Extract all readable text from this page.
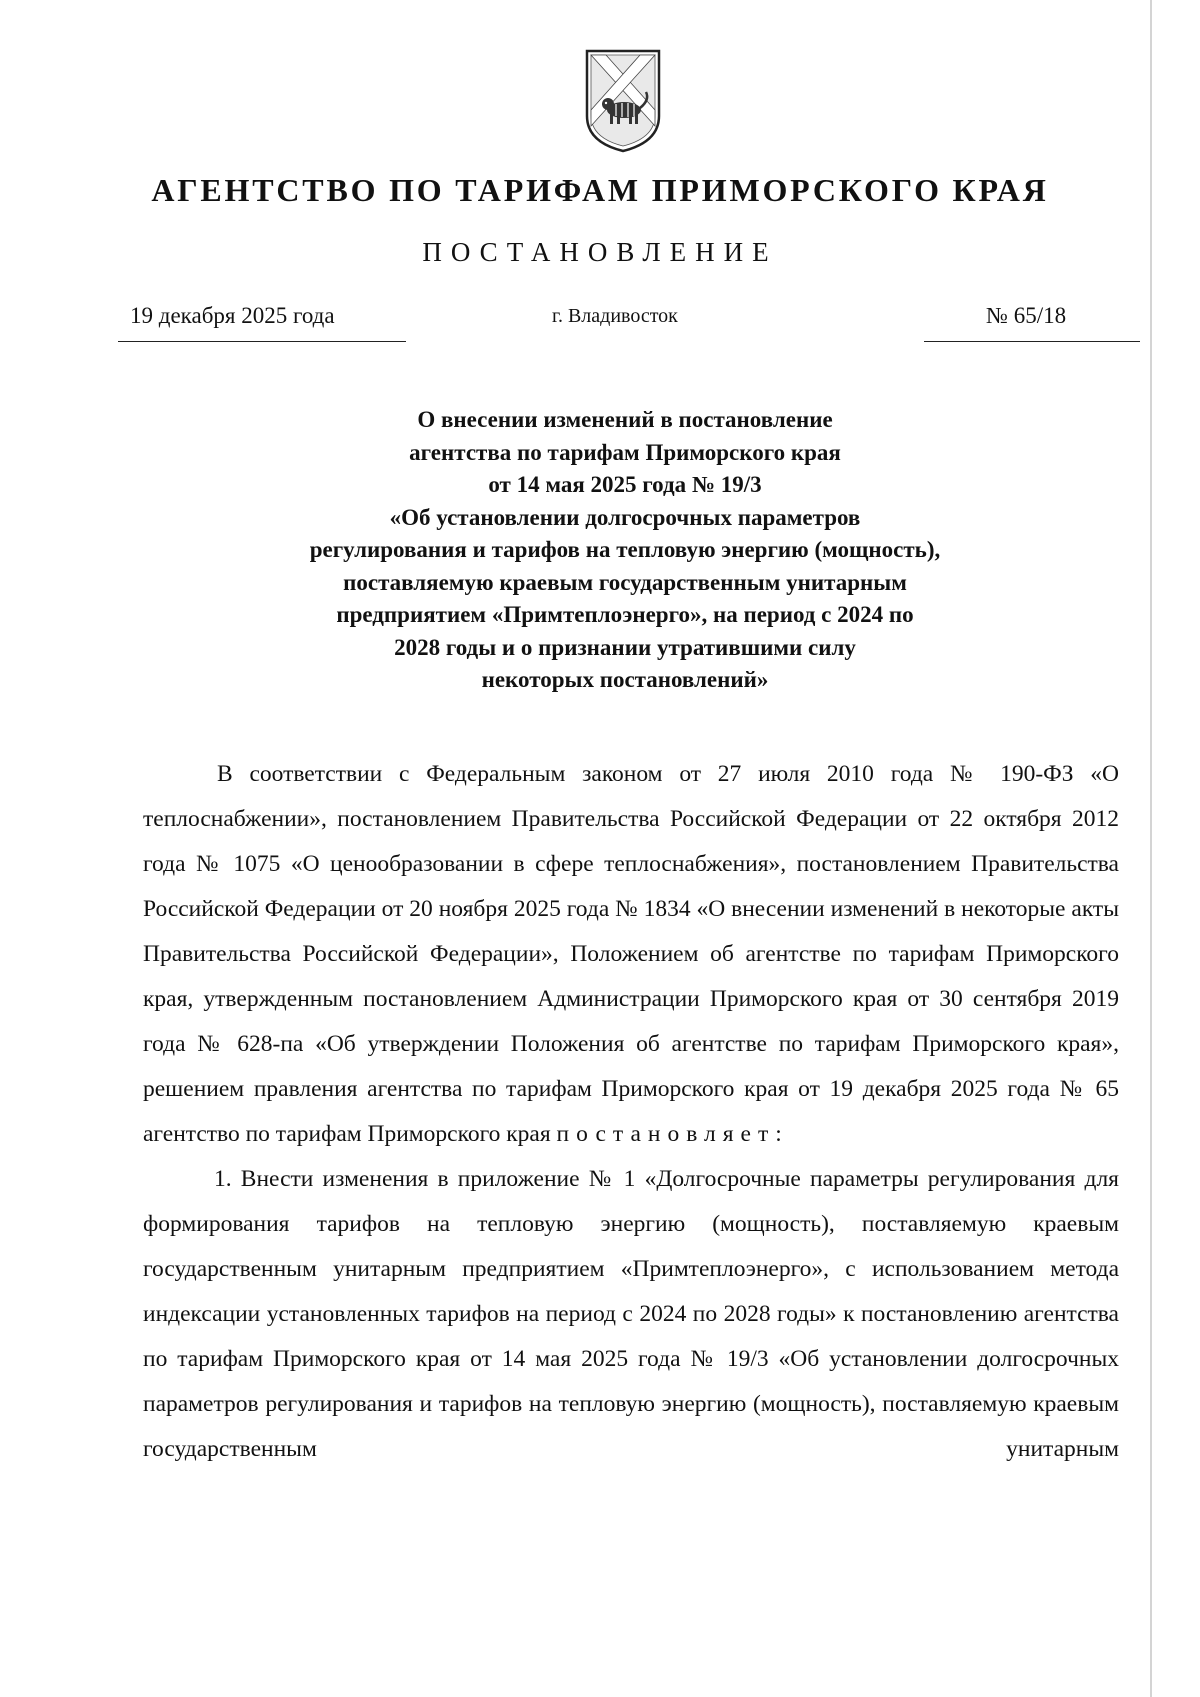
АГЕНТСТВО ПО ТАРИФАМ ПРИМОРСКОГО КРАЯ
ПОСТАНОВЛЕНИЕ
19 декабря 2025 года	г. Владивосток	№ 65/18
О внесении изменений в постановление
агентства по тарифам Приморского края
от 14 мая 2025 года № 19/3
«Об установлении долгосрочных параметров
регулирования и тарифов на тепловую энергию (мощность),
поставляемую краевым государственным унитарным
предприятием «Примтеплоэнерго», на период с 2024 по
2028 годы и о признании утратившими силу
некоторых постановлений»

В соответствии с Федеральным законом от 27 июля 2010 года № 190-ФЗ «О теплоснабжении», постановлением Правительства Российской Федерации от 22 октября 2012 года № 1075 «О ценообразовании в сфере теплоснабжения», постановлением Правительства Российской Федерации от 20 ноября 2025 года № 1834 «О внесении изменений в некоторые акты Правительства Российской Федерации», Положением об агентстве по тарифам Приморского края, утвержденным постановлением Администрации Приморского края от 30 сентября 2019 года № 628-па «Об утверждении Положения об агентстве по тарифам Приморского края», решением правления агентства по тарифам Приморского края от 19 декабря 2025 года № 65 агентство по тарифам Приморского края постановляет:

1. Внести изменения в приложение № 1 «Долгосрочные параметры регулирования для формирования тарифов на тепловую энергию (мощность), поставляемую краевым государственным унитарным предприятием «Примтеплоэнерго», с использованием метода индексации установленных тарифов на период с 2024 по 2028 годы» к постановлению агентства по тарифам Приморского края от 14 мая 2025 года № 19/3 «Об установлении долгосрочных параметров регулирования и тарифов на тепловую энергию (мощность), поставляемую краевым государственным унитарным
